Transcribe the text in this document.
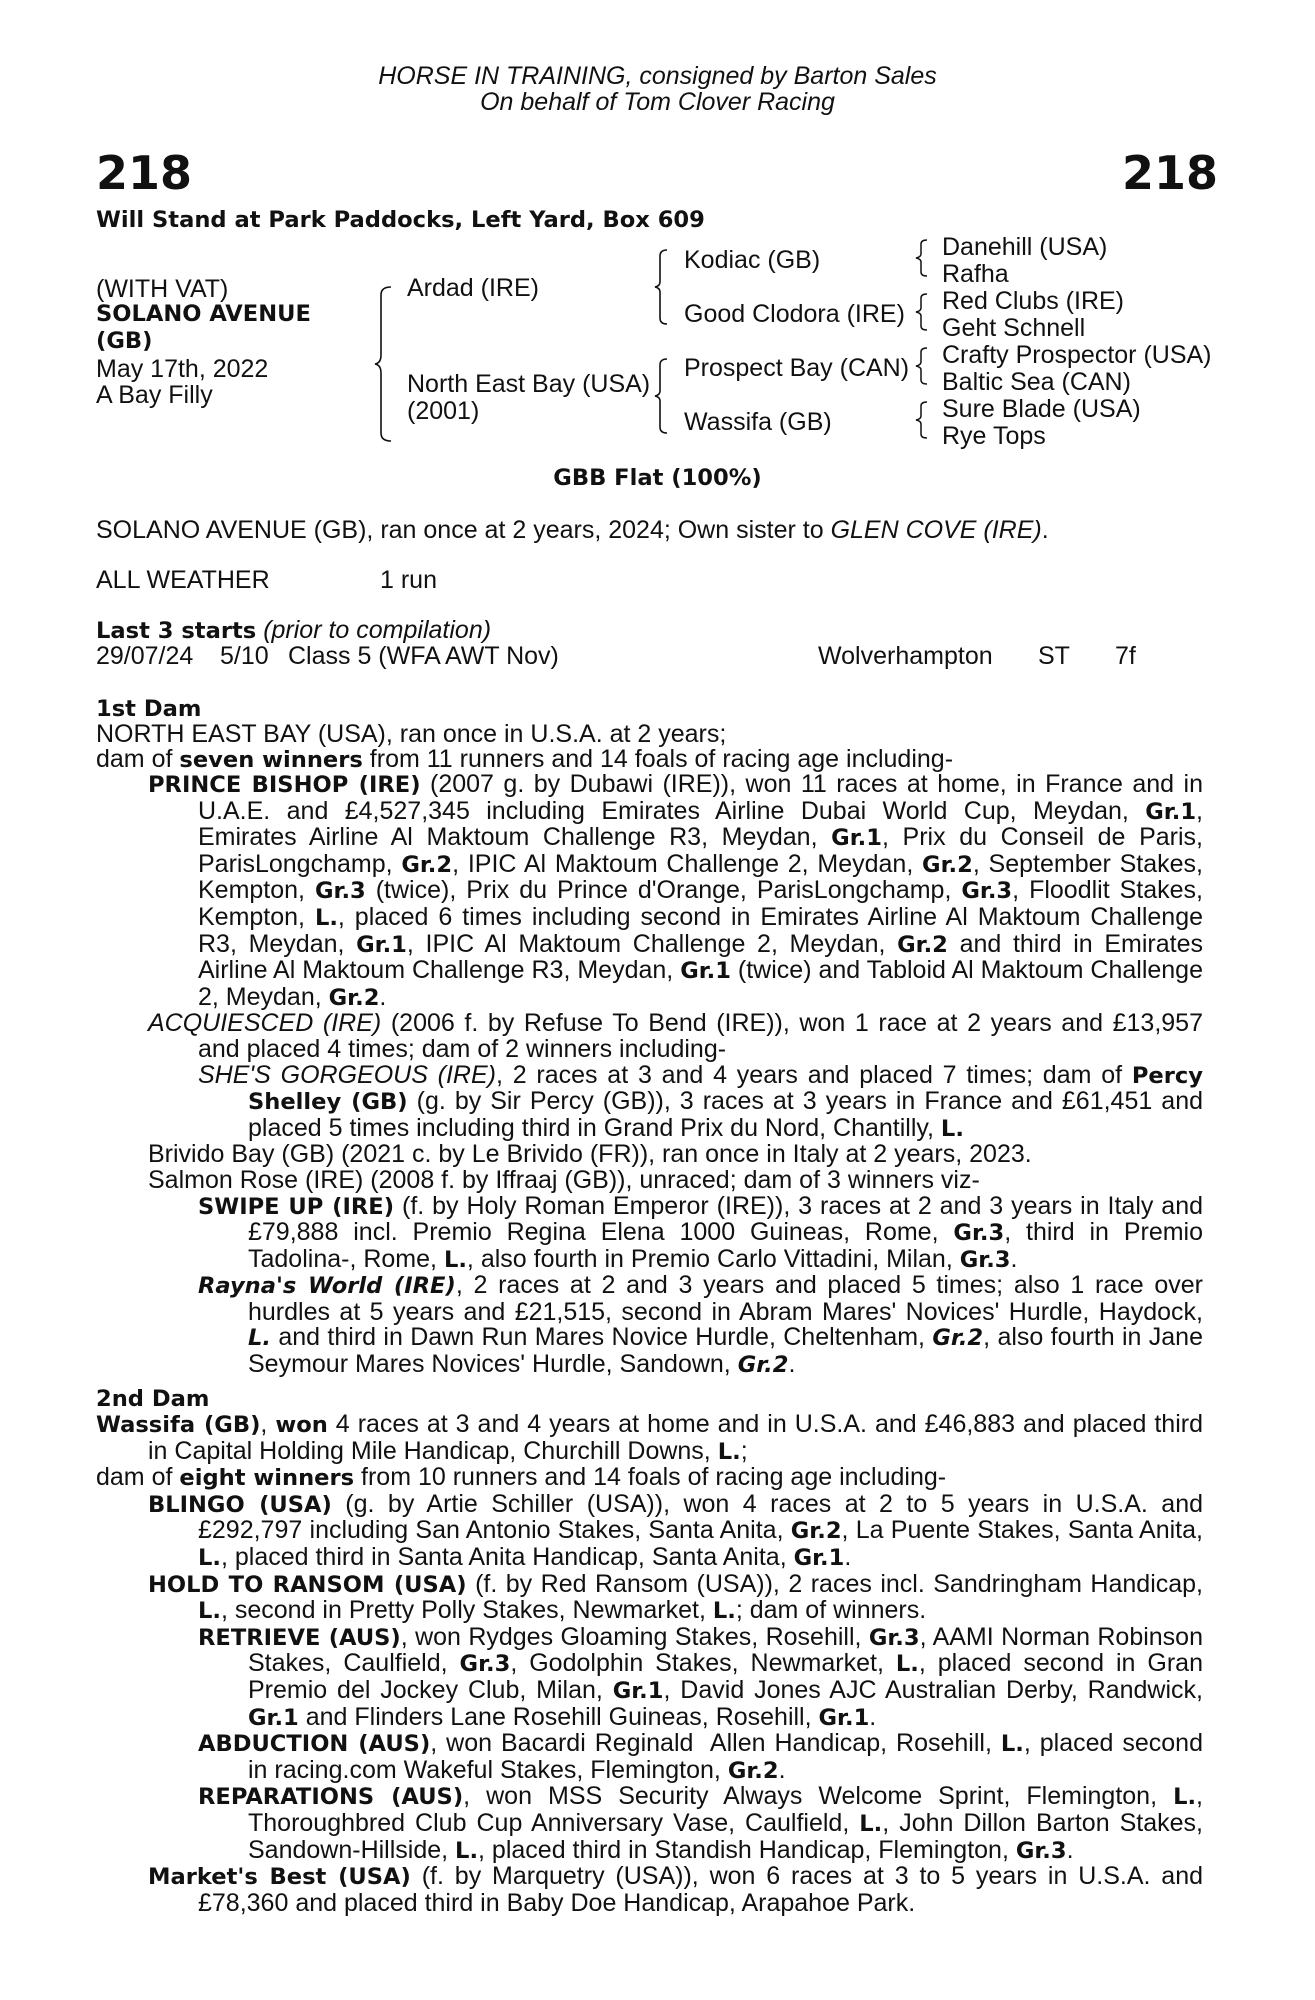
HORSE IN TRAINING, consigned by Barton Sales
On behalf of Tom Clover Racing
218	218
Will Stand at Park Paddocks, Left Yard, Box 609
(WITH VAT)
SOLANO AVENUE
(GB)
May 17th, 2022
A Bay Filly
Ardad (IRE)
North East Bay (USA)
(2001)
Kodiac (GB)
Good Clodora (IRE)
Prospect Bay (CAN)
Wassifa (GB)
Danehill (USA)
Rafha
Red Clubs (IRE)
Geht Schnell
Crafty Prospector (USA)
Baltic Sea (CAN)
Sure Blade (USA)
Rye Tops
GBB Flat (100%)
SOLANO AVENUE (GB), ran once at 2 years, 2024; Own sister to GLEN COVE (IRE).
ALL WEATHER	1 run
Last 3 starts (prior to compilation)
29/07/24 5/10 Class 5 (WFA AWT Nov)	Wolverhampton ST 7f
1st Dam
NORTH EAST BAY (USA), ran once in U.S.A. at 2 years;
dam of seven winners from 11 runners and 14 foals of racing age including-

PRINCE BISHOP (IRE) (2007 g. by Dubawi (IRE)), won 11 races at home, in France and in U.A.E. and £4,527,345 including Emirates Airline Dubai World Cup, Meydan, Gr.1, Emirates Airline Al Maktoum Challenge R3, Meydan, Gr.1, Prix du Conseil de Paris, ParisLongchamp, Gr.2, IPIC Al Maktoum Challenge 2, Meydan, Gr.2, September Stakes, Kempton, Gr.3 (twice), Prix du Prince d'Orange, ParisLongchamp, Gr.3, Floodlit Stakes, Kempton, L., placed 6 times including second in Emirates Airline Al Maktoum Challenge R3, Meydan, Gr.1, IPIC Al Maktoum Challenge 2, Meydan, Gr.2 and third in Emirates Airline Al Maktoum Challenge R3, Meydan, Gr.1 (twice) and Tabloid Al Maktoum Challenge 2, Meydan, Gr.2.

ACQUIESCED (IRE) (2006 f. by Refuse To Bend (IRE)), won 1 race at 2 years and £13,957 and placed 4 times; dam of 2 winners including-

SHE'S GORGEOUS (IRE), 2 races at 3 and 4 years and placed 7 times; dam of Percy Shelley (GB) (g. by Sir Percy (GB)), 3 races at 3 years in France and £61,451 and placed 5 times including third in Grand Prix du Nord, Chantilly, L.

Brivido Bay (GB) (2021 c. by Le Brivido (FR)), ran once in Italy at 2 years, 2023.

Salmon Rose (IRE) (2008 f. by Iffraaj (GB)), unraced; dam of 3 winners viz-

SWIPE UP (IRE) (f. by Holy Roman Emperor (IRE)), 3 races at 2 and 3 years in Italy and £79,888 incl. Premio Regina Elena 1000 Guineas, Rome, Gr.3, third in Premio Tadolina-, Rome, L., also fourth in Premio Carlo Vittadini, Milan, Gr.3.

Rayna's World (IRE), 2 races at 2 and 3 years and placed 5 times; also 1 race over hurdles at 5 years and £21,515, second in Abram Mares' Novices' Hurdle, Haydock, L. and third in Dawn Run Mares Novice Hurdle, Cheltenham, Gr.2, also fourth in Jane Seymour Mares Novices' Hurdle, Sandown, Gr.2.

2nd Dam

Wassifa (GB), won 4 races at 3 and 4 years at home and in U.S.A. and £46,883 and placed third in Capital Holding Mile Handicap, Churchill Downs, L.;

dam of eight winners from 10 runners and 14 foals of racing age including-

BLINGO (USA) (g. by Artie Schiller (USA)), won 4 races at 2 to 5 years in U.S.A. and £292,797 including San Antonio Stakes, Santa Anita, Gr.2, La Puente Stakes, Santa Anita, L., placed third in Santa Anita Handicap, Santa Anita, Gr.1.

HOLD TO RANSOM (USA) (f. by Red Ransom (USA)), 2 races incl. Sandringham Handicap, L., second in Pretty Polly Stakes, Newmarket, L.; dam of winners.

RETRIEVE (AUS), won Rydges Gloaming Stakes, Rosehill, Gr.3, AAMI Norman Robinson Stakes, Caulfield, Gr.3, Godolphin Stakes, Newmarket, L., placed second in Gran Premio del Jockey Club, Milan, Gr.1, David Jones AJC Australian Derby, Randwick, Gr.1 and Flinders Lane Rosehill Guineas, Rosehill, Gr.1.

ABDUCTION (AUS), won Bacardi Reginald  Allen Handicap, Rosehill, L., placed second in racing.com Wakeful Stakes, Flemington, Gr.2.

REPARATIONS (AUS), won MSS Security Always Welcome Sprint, Flemington, L., Thoroughbred Club Cup Anniversary Vase, Caulfield, L., John Dillon Barton Stakes, Sandown-Hillside, L., placed third in Standish Handicap, Flemington, Gr.3.

Market's Best (USA) (f. by Marquetry (USA)), won 6 races at 3 to 5 years in U.S.A. and £78,360 and placed third in Baby Doe Handicap, Arapahoe Park.
